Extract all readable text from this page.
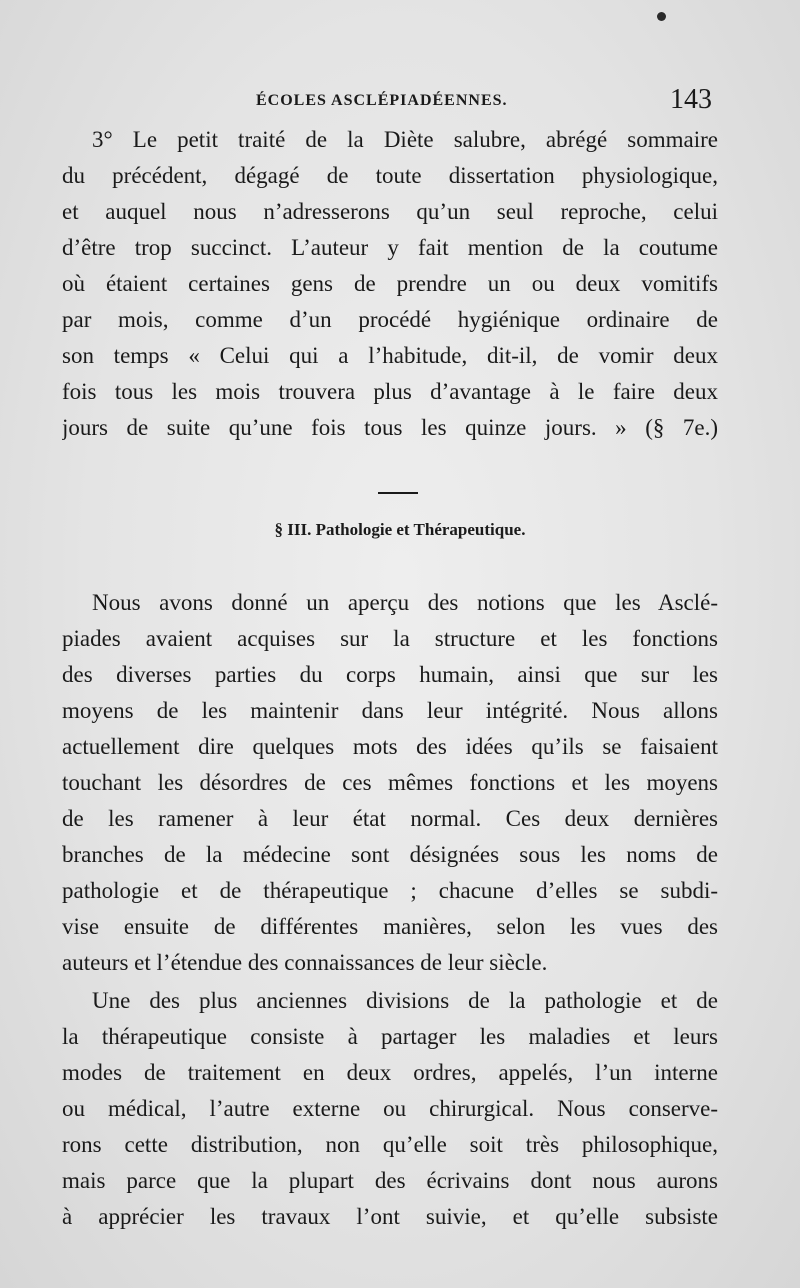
ÉCOLES ASCLÉPIADÉENNES.	143
3° Le petit traité de la Diète salubre, abrégé sommaire
du précédent, dégagé de toute dissertation physiologique,
et auquel nous n’adresserons qu’un seul reproche, celui
d’être trop succinct. L’auteur y fait mention de la coutume
où étaient certaines gens de prendre un ou deux vomitifs
par mois, comme d’un procédé hygiénique ordinaire de
son temps « Celui qui a l’habitude, dit-il, de vomir deux
fois tous les mois trouvera plus d’avantage à le faire deux
jours de suite qu’une fois tous les quinze jours. » (§ 7e.)
§ III. Pathologie et Thérapeutique.
Nous avons donné un aperçu des notions que les Asclé-
piades avaient acquises sur la structure et les fonctions
des diverses parties du corps humain, ainsi que sur les
moyens de les maintenir dans leur intégrité. Nous allons
actuellement dire quelques mots des idées qu’ils se faisaient
touchant les désordres de ces mêmes fonctions et les moyens
de les ramener à leur état normal. Ces deux dernières
branches de la médecine sont désignées sous les noms de
pathologie et de thérapeutique ; chacune d’elles se subdi-
vise ensuite de différentes manières, selon les vues des
auteurs et l’étendue des connaissances de leur siècle.
Une des plus anciennes divisions de la pathologie et de
la thérapeutique consiste à partager les maladies et leurs
modes de traitement en deux ordres, appelés, l’un interne
ou médical, l’autre externe ou chirurgical. Nous conserve-
rons cette distribution, non qu’elle soit très philosophique,
mais parce que la plupart des écrivains dont nous aurons
à apprécier les travaux l’ont suivie, et qu’elle subsiste
